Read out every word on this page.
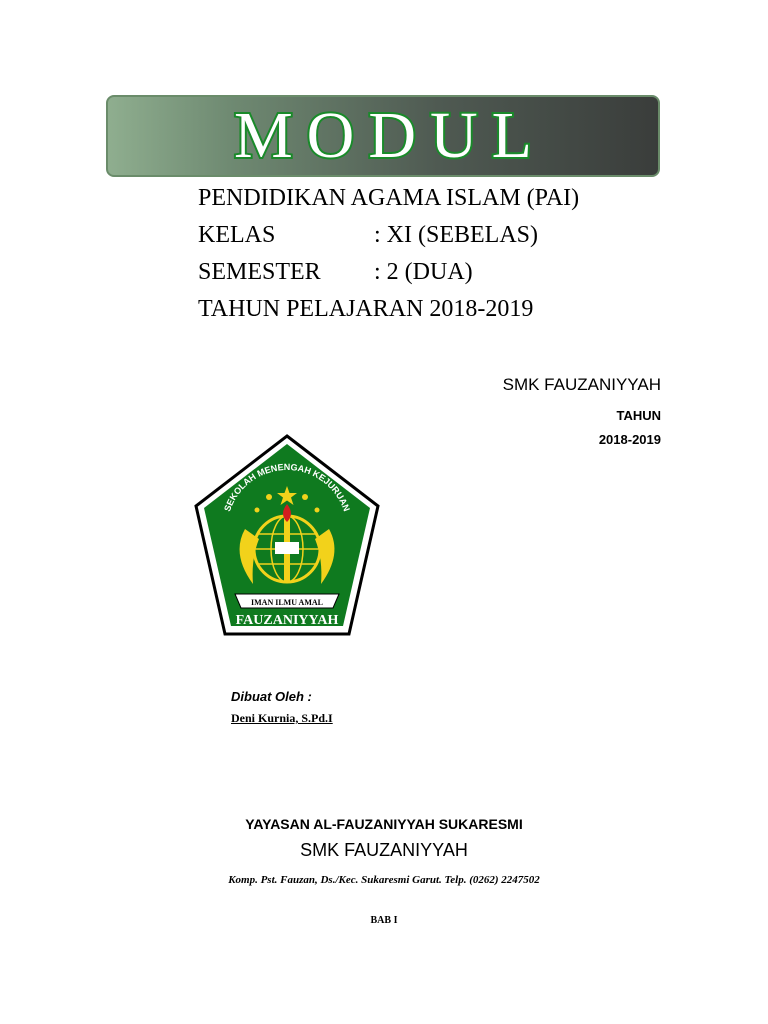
MODUL
PENDIDIKAN AGAMA ISLAM (PAI)
KELAS	: XI (SEBELAS)
SEMESTER	: 2 (DUA)
TAHUN PELAJARAN 2018-2019
SMK FAUZANIYYAH
TAHUN
2018-2019
SEKOLAH MENENGAH KEJURUAN
IMAN ILMU AMAL
FAUZANIYYAH
Dibuat Oleh :
Deni Kurnia, S.Pd.I
YAYASAN AL-FAUZANIYYAH SUKARESMI
SMK FAUZANIYYAH
Komp. Pst. Fauzan, Ds./Kec. Sukaresmi Garut. Telp. (0262) 2247502
BAB I
